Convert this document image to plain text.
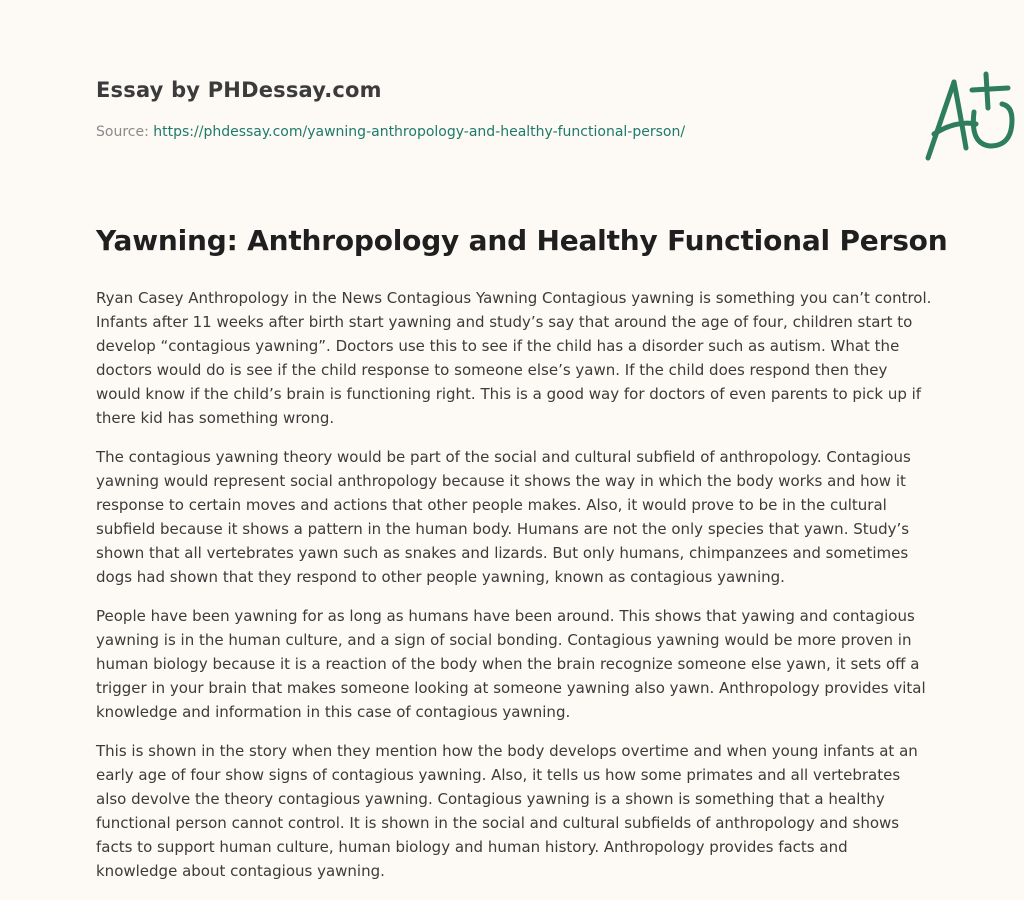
Essay by PHDessay.com
Source: https://phdessay.com/yawning-anthropology-and-healthy-functional-person/
Yawning: Anthropology and Healthy Functional Person

Ryan Casey Anthropology in the News Contagious Yawning Contagious yawning is something you can’t control. Infants after 11 weeks after birth start yawning and study’s say that around the age of four, children start to develop “contagious yawning”. Doctors use this to see if the child has a disorder such as autism. What the doctors would do is see if the child response to someone else’s yawn. If the child does respond then they would know if the child’s brain is functioning right. This is a good way for doctors of even parents to pick up if there kid has something wrong.

The contagious yawning theory would be part of the social and cultural subfield of anthropology. Contagious yawning would represent social anthropology because it shows the way in which the body works and how it response to certain moves and actions that other people makes. Also, it would prove to be in the cultural subfield because it shows a pattern in the human body. Humans are not the only species that yawn. Study’s shown that all vertebrates yawn such as snakes and lizards. But only humans, chimpanzees and sometimes dogs had shown that they respond to other people yawning, known as contagious yawning.

People have been yawning for as long as humans have been around. This shows that yawing and contagious yawning is in the human culture, and a sign of social bonding. Contagious yawning would be more proven in human biology because it is a reaction of the body when the brain recognize someone else yawn, it sets off a trigger in your brain that makes someone looking at someone yawning also yawn. Anthropology provides vital knowledge and information in this case of contagious yawning.

This is shown in the story when they mention how the body develops overtime and when young infants at an early age of four show signs of contagious yawning. Also, it tells us how some primates and all vertebrates also devolve the theory contagious yawning. Contagious yawning is a shown is something that a healthy functional person cannot control. It is shown in the social and cultural subfields of anthropology and shows facts to support human culture, human biology and human history. Anthropology provides facts and knowledge about contagious yawning.
